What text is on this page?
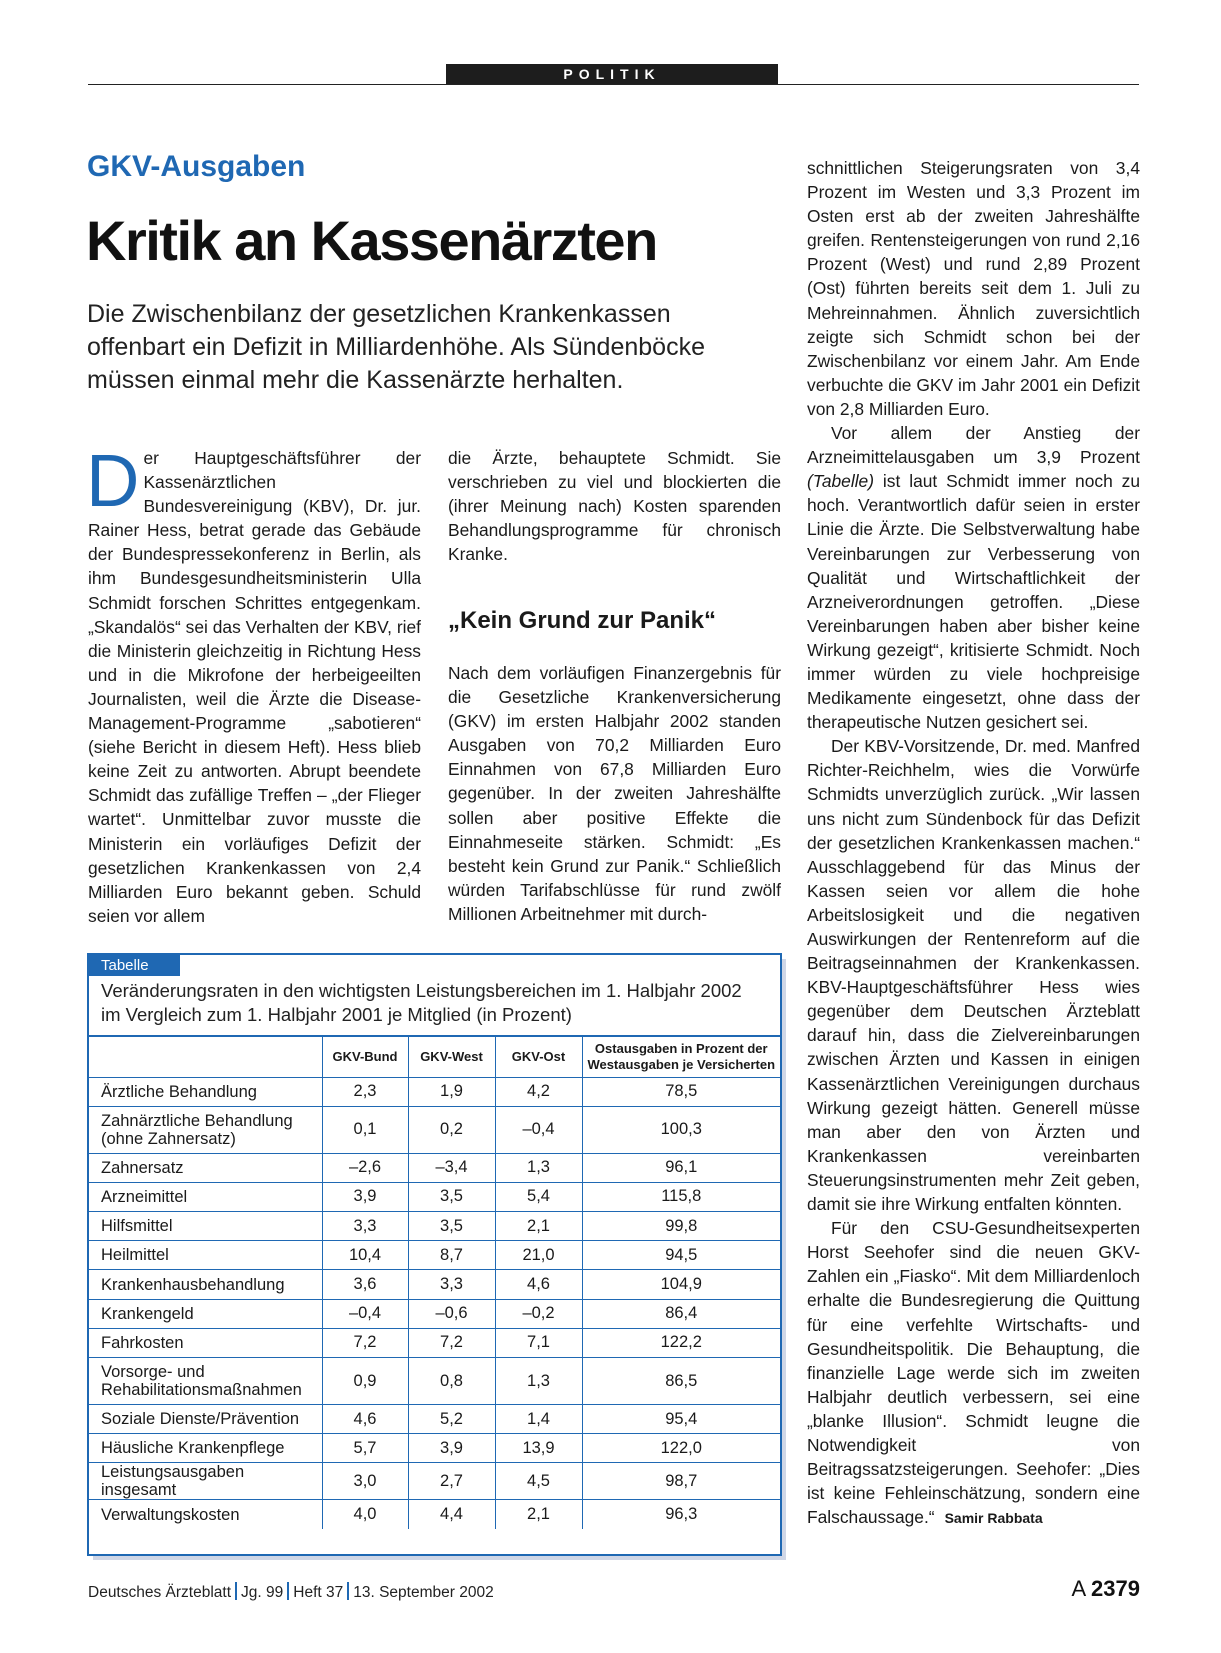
POLITIK
GKV-Ausgaben
Kritik an Kassenärzten
Die Zwischenbilanz der gesetzlichen Krankenkassen offenbart ein Defizit in Milliardenhöhe. Als Sündenböcke müssen einmal mehr die Kassenärzte herhalten.

Der Hauptgeschäftsführer der Kassenärztlichen Bundesvereinigung (KBV), Dr. jur. Rainer Hess, betrat gerade das Gebäude der Bundespressekonferenz in Berlin, als ihm Bundesgesundheitsministerin Ulla Schmidt forschen Schrittes entgegenkam. „Skandalös“ sei das Verhalten der KBV, rief die Ministerin gleichzeitig in Richtung Hess und in die Mikrofone der herbeigeeilten Journalisten, weil die Ärzte die Disease-Management-Programme „sabotieren“ (siehe Bericht in diesem Heft). Hess blieb keine Zeit zu antworten. Abrupt beendete Schmidt das zufällige Treffen – „der Flieger wartet“. Unmittelbar zuvor musste die Ministerin ein vorläufiges Defizit der gesetzlichen Krankenkassen von 2,4 Milliarden Euro bekannt geben. Schuld seien vor allem

die Ärzte, behauptete Schmidt. Sie verschrieben zu viel und blockierten die (ihrer Meinung nach) Kosten sparenden Behandlungsprogramme für chronisch Kranke.

„Kein Grund zur Panik“

Nach dem vorläufigen Finanzergebnis für die Gesetzliche Krankenversicherung (GKV) im ersten Halbjahr 2002 standen Ausgaben von 70,2 Milliarden Euro Einnahmen von 67,8 Milliarden Euro gegenüber. In der zweiten Jahreshälfte sollen aber positive Effekte die Einnahmeseite stärken. Schmidt: „Es besteht kein Grund zur Panik.“ Schließlich würden Tarifabschlüsse für rund zwölf Millionen Arbeitnehmer mit durch-

schnittlichen Steigerungsraten von 3,4 Prozent im Westen und 3,3 Prozent im Osten erst ab der zweiten Jahreshälfte greifen. Rentensteigerungen von rund 2,16 Prozent (West) und rund 2,89 Prozent (Ost) führten bereits seit dem 1. Juli zu Mehreinnahmen. Ähnlich zuversichtlich zeigte sich Schmidt schon bei der Zwischenbilanz vor einem Jahr. Am Ende verbuchte die GKV im Jahr 2001 ein Defizit von 2,8 Milliarden Euro.

Vor allem der Anstieg der Arzneimittelausgaben um 3,9 Prozent (Tabelle) ist laut Schmidt immer noch zu hoch. Verantwortlich dafür seien in erster Linie die Ärzte. Die Selbstverwaltung habe Vereinbarungen zur Verbesserung von Qualität und Wirtschaftlichkeit der Arzneiverordnungen getroffen. „Diese Vereinbarungen haben aber bisher keine Wirkung gezeigt“, kritisierte Schmidt. Noch immer würden zu viele hochpreisige Medikamente eingesetzt, ohne dass der therapeutische Nutzen gesichert sei.

Der KBV-Vorsitzende, Dr. med. Manfred Richter-Reichhelm, wies die Vorwürfe Schmidts unverzüglich zurück. „Wir lassen uns nicht zum Sündenbock für das Defizit der gesetzlichen Krankenkassen machen.“ Ausschlaggebend für das Minus der Kassen seien vor allem die hohe Arbeitslosigkeit und die negativen Auswirkungen der Rentenreform auf die Beitragseinnahmen der Krankenkassen. KBV-Hauptgeschäftsführer Hess wies gegenüber dem Deutschen Ärzteblatt darauf hin, dass die Zielvereinbarungen zwischen Ärzten und Kassen in einigen Kassenärztlichen Vereinigungen durchaus Wirkung gezeigt hätten. Generell müsse man aber den von Ärzten und Krankenkassen vereinbarten Steuerungsinstrumenten mehr Zeit geben, damit sie ihre Wirkung entfalten könnten.

Für den CSU-Gesundheitsexperten Horst Seehofer sind die neuen GKV-Zahlen ein „Fiasko“. Mit dem Milliardenloch erhalte die Bundesregierung die Quittung für eine verfehlte Wirtschafts- und Gesundheitspolitik. Die Behauptung, die finanzielle Lage werde sich im zweiten Halbjahr deutlich verbessern, sei eine „blanke Illusion“. Schmidt leugne die Notwendigkeit von Beitragssatzsteigerungen. Seehofer: „Dies ist keine Fehleinschätzung, sondern eine Falschaussage.“ Samir Rabbata

Tabelle
Veränderungsraten in den wichtigsten Leistungsbereichen im 1. Halbjahr 2002 im Vergleich zum 1. Halbjahr 2001 je Mitglied (in Prozent)
	GKV-Bund	GKV-West	GKV-Ost	Ostausgaben in Prozent der Westausgaben je Versicherten
Ärztliche Behandlung	2,3	1,9	4,2	78,5
Zahnärztliche Behandlung
(ohne Zahnersatz)	0,1	0,2	–0,4	100,3
Zahnersatz	–2,6	–3,4	1,3	96,1
Arzneimittel	3,9	3,5	5,4	115,8
Hilfsmittel	3,3	3,5	2,1	99,8
Heilmittel	10,4	8,7	21,0	94,5
Krankenhausbehandlung	3,6	3,3	4,6	104,9
Krankengeld	–0,4	–0,6	–0,2	86,4
Fahrkosten	7,2	7,2	7,1	122,2
Vorsorge- und
Rehabilitationsmaßnahmen	0,9	0,8	1,3	86,5
Soziale Dienste/Prävention	4,6	5,2	1,4	95,4
Häusliche Krankenpflege	5,7	3,9	13,9	122,0
Leistungsausgaben insgesamt	3,0	2,7	4,5	98,7
Verwaltungskosten	4,0	4,4	2,1	96,3
Deutsches Ärzteblatt Jg. 99 Heft 37 13. September 2002	A 2379
